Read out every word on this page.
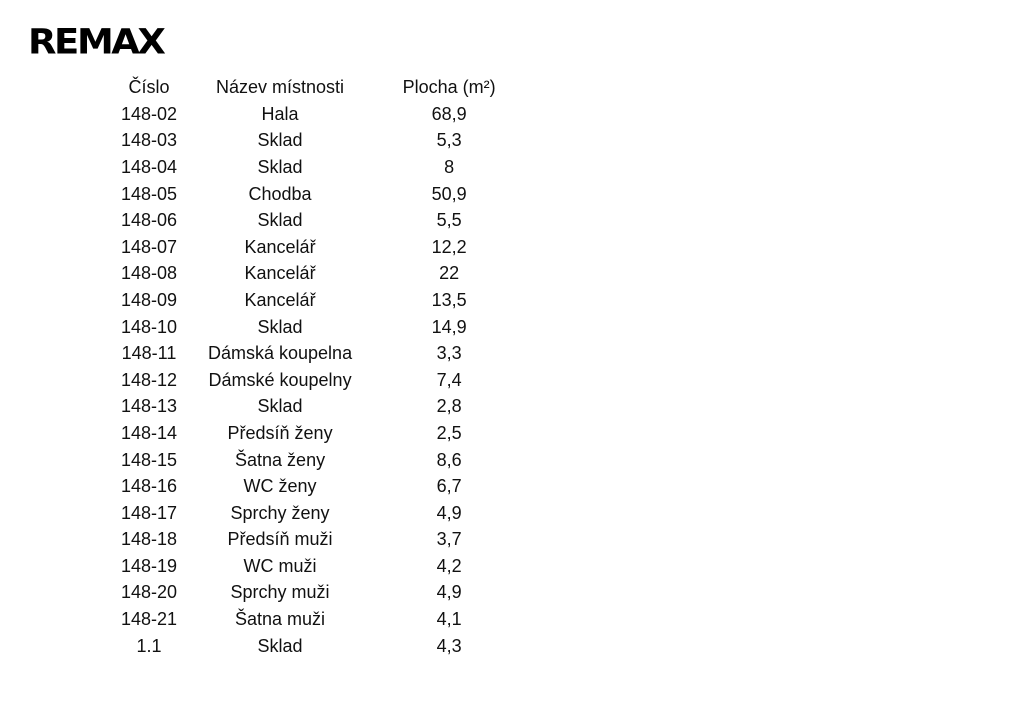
RE MAX
Číslo	Název místnosti	Plocha (m²)
148-02	Hala	68,9
148-03	Sklad	5,3
148-04	Sklad	8
148-05	Chodba	50,9
148-06	Sklad	5,5
148-07	Kancelář	12,2
148-08	Kancelář	22
148-09	Kancelář	13,5
148-10	Sklad	14,9
148-11	Dámská koupelna	3,3
148-12	Dámské koupelny	7,4
148-13	Sklad	2,8
148-14	Předsíň ženy	2,5
148-15	Šatna ženy	8,6
148-16	WC ženy	6,7
148-17	Sprchy ženy	4,9
148-18	Předsíň muži	3,7
148-19	WC muži	4,2
148-20	Sprchy muži	4,9
148-21	Šatna muži	4,1
1.1	Sklad	4,3
